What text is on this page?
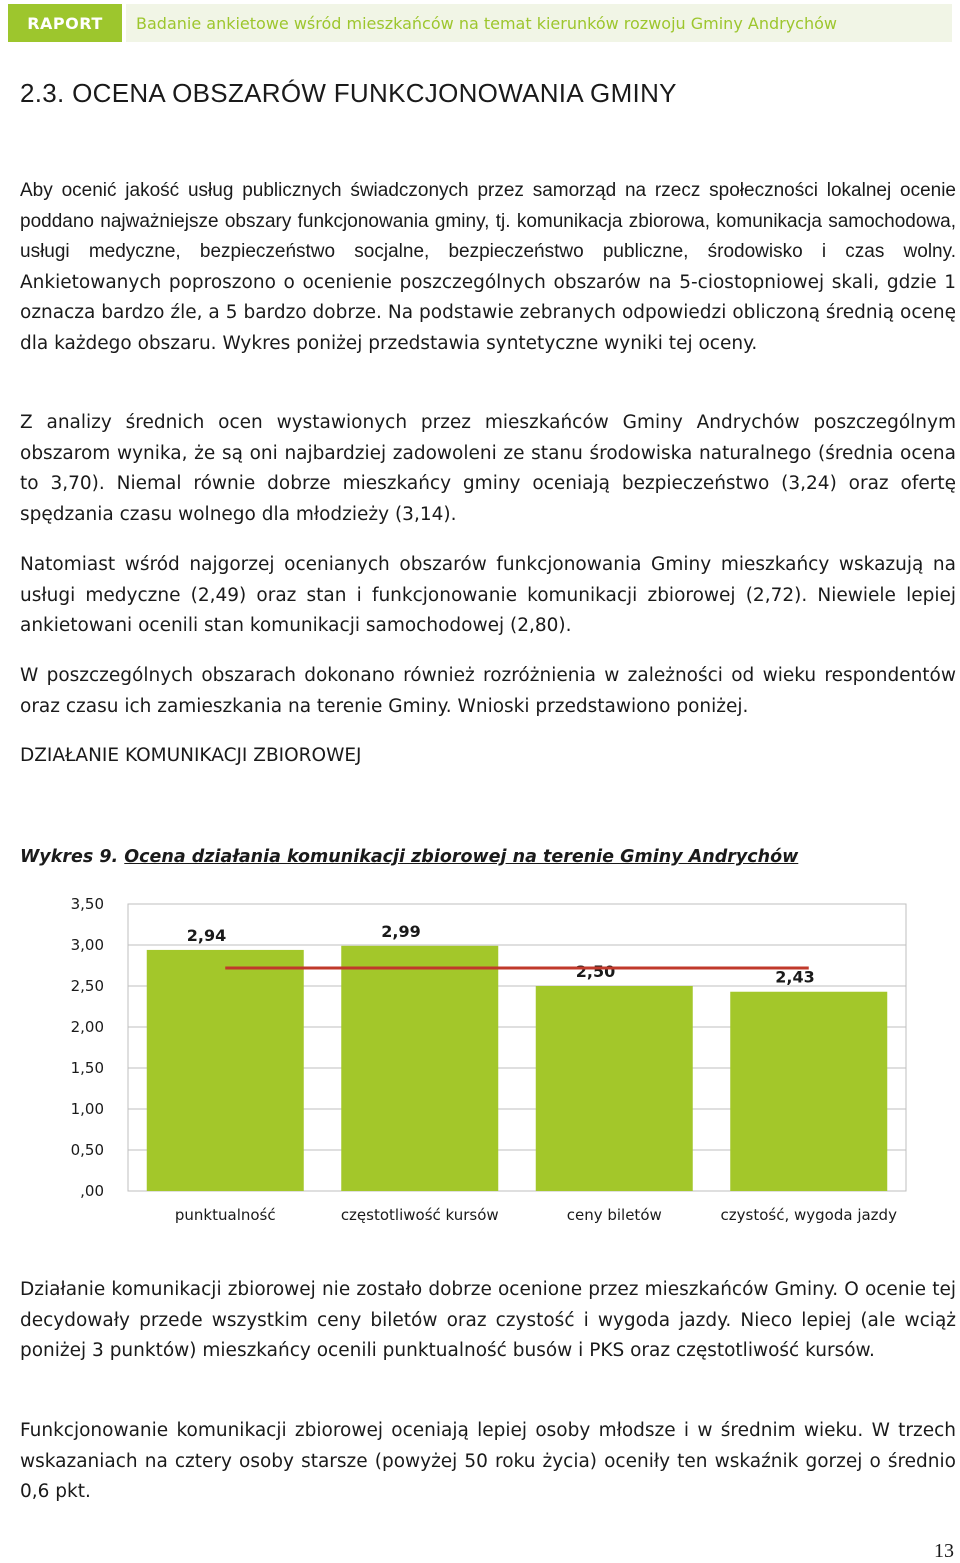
RAPORT	Badanie ankietowe wśród mieszkańców na temat kierunków rozwoju Gminy Andrychów
2.3. OCENA OBSZARÓW FUNKCJONOWANIA GMINY

Aby ocenić jakość usług publicznych świadczonych przez samorząd na rzecz społeczności lokalnej ocenie poddano najważniejsze obszary funkcjonowania gminy, tj. komunikacja zbiorowa, komunikacja samochodowa, usługi medyczne, bezpieczeństwo socjalne, bezpieczeństwo publiczne, środowisko i czas wolny. Ankietowanych poproszono o ocenienie poszczególnych obszarów na 5-ciostopniowej skali, gdzie 1 oznacza bardzo źle, a 5 bardzo dobrze. Na podstawie zebranych odpowiedzi obliczoną średnią ocenę dla każdego obszaru. Wykres poniżej przedstawia syntetyczne wyniki tej oceny.

Z analizy średnich ocen wystawionych przez mieszkańców Gminy Andrychów poszczególnym obszarom wynika, że są oni najbardziej zadowoleni ze stanu środowiska naturalnego (średnia ocena to 3,70). Niemal równie dobrze mieszkańcy gminy oceniają bezpieczeństwo (3,24) oraz ofertę spędzania czasu wolnego dla młodzieży (3,14).

Natomiast wśród najgorzej ocenianych obszarów funkcjonowania Gminy mieszkańcy wskazują na usługi medyczne (2,49) oraz stan i funkcjonowanie komunikacji zbiorowej (2,72). Niewiele lepiej ankietowani ocenili stan komunikacji samochodowej (2,80).

W poszczególnych obszarach dokonano również rozróżnienia w zależności od wieku respondentów oraz czasu ich zamieszkania na terenie Gminy. Wnioski przedstawiono poniżej.

DZIAŁANIE KOMUNIKACJI ZBIOROWEJ

Wykres 9. Ocena działania komunikacji zbiorowej na terenie Gminy Andrychów

,00
0,50
1,00
1,50
2,00
2,50
3,00
3,50
2,94
punktualność
2,99
częstotliwość kursów
2,50
ceny biletów
2,43
czystość, wygoda jazdy

Działanie komunikacji zbiorowej nie zostało dobrze ocenione przez mieszkańców Gminy. O ocenie tej decydowały przede wszystkim ceny biletów oraz czystość i wygoda jazdy. Nieco lepiej (ale wciąż poniżej 3 punktów) mieszkańcy ocenili punktualność busów i PKS oraz częstotliwość kursów.

Funkcjonowanie komunikacji zbiorowej oceniają lepiej osoby młodsze i w średnim wieku. W trzech wskazaniach na cztery osoby starsze (powyżej 50 roku życia) oceniły ten wskaźnik gorzej o średnio 0,6 pkt.

13
